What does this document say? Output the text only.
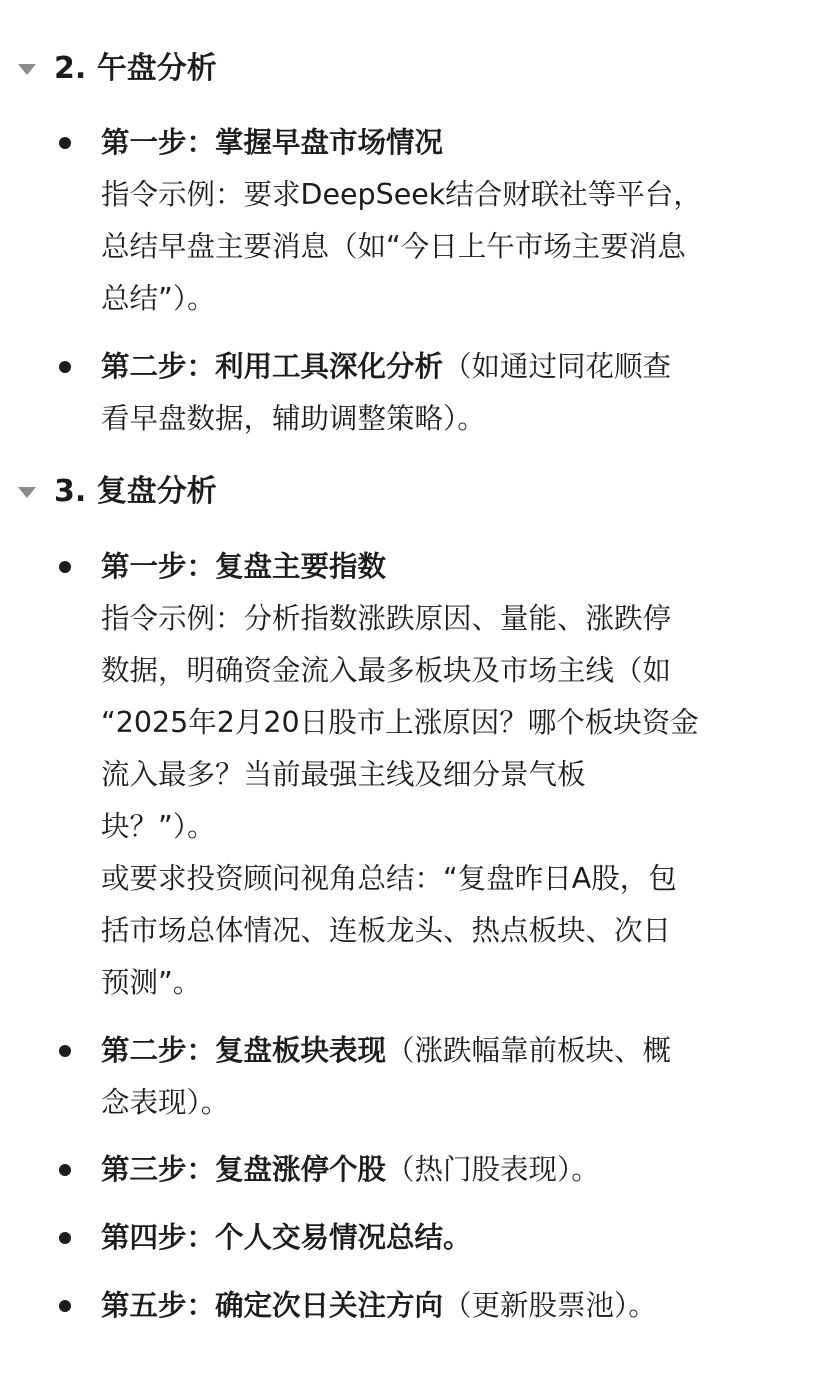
2. 午盘分析
第一步：掌握早盘市场情况
指令示例：要求DeepSeek结合财联社等平台，
总结早盘主要消息（如“今日上午市场主要消息
总结”）。
第二步：利用工具深化分析（如通过同花顺查
看早盘数据，辅助调整策略）。
3. 复盘分析
第一步：复盘主要指数
指令示例：分析指数涨跌原因、量能、涨跌停
数据，明确资金流入最多板块及市场主线（如
“2025年2月20日股市上涨原因？哪个板块资金
流入最多？当前最强主线及细分景气板
块？”）。
或要求投资顾问视角总结：“复盘昨日A股，包
括市场总体情况、连板龙头、热点板块、次日
预测”。
第二步：复盘板块表现（涨跌幅靠前板块、概
念表现）。
第三步：复盘涨停个股（热门股表现）。
第四步：个人交易情况总结。
第五步：确定次日关注方向（更新股票池）。
